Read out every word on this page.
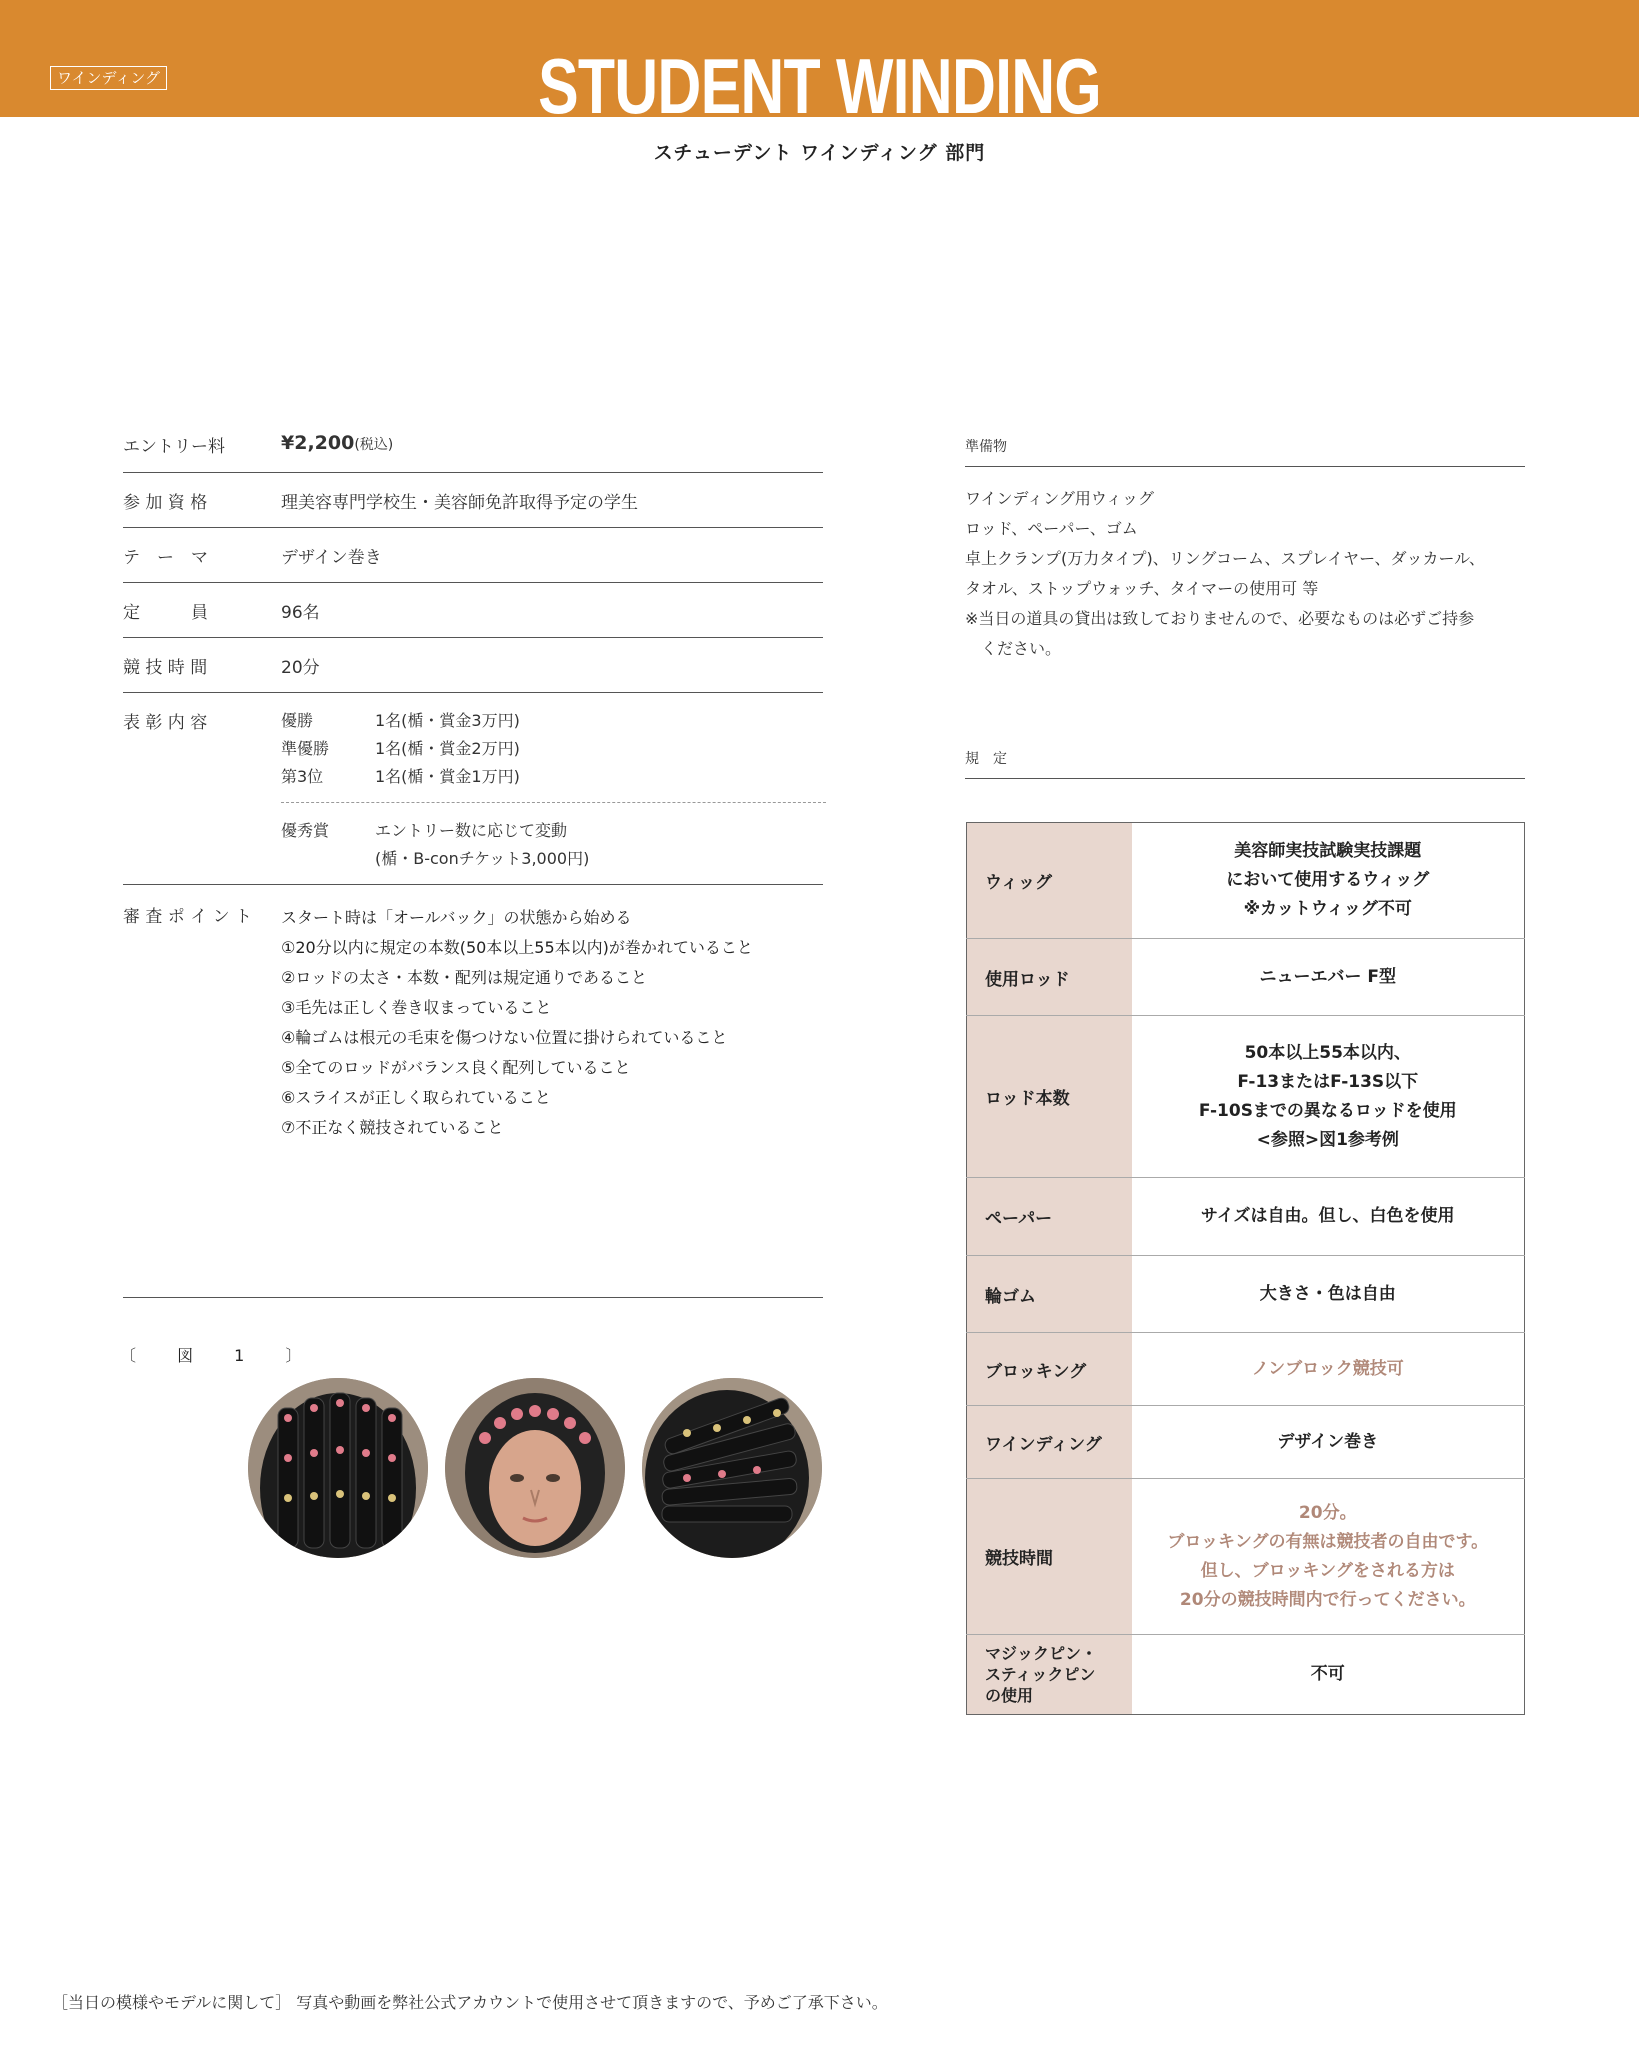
ワインディング	STUDENT WINDING
スチューデント ワインディング 部門
エントリー料	¥2,200(税込)
参 加 資 格	理美容専門学校生・美容師免許取得予定の学生
テ　ー　マ	デザイン巻き
定　　　員	96名
競 技 時 間	20分
表 彰 内 容	優勝	1名(楯・賞金3万円)
準優勝	1名(楯・賞金2万円)
第3位	1名(楯・賞金1万円)
優秀賞	エントリー数に応じて変動
(楯・B-conチケット3,000円)
審 査 ポ イ ン ト	スタート時は「オールバック」の状態から始める
①20分以内に規定の本数(50本以上55本以内)が巻かれていること
②ロッドの太さ・本数・配列は規定通りであること
③毛先は正しく巻き収まっていること
④輪ゴムは根元の毛束を傷つけない位置に掛けられていること
⑤全てのロッドがバランス良く配列していること
⑥スライスが正しく取られていること
⑦不正なく競技されていること
〔 図 1 〕
準備物
ワインディング用ウィッグ
ロッド、ペーパー、ゴム
卓上クランプ(万力タイプ)、リングコーム、スプレイヤー、ダッカール、
タオル、ストップウォッチ、タイマーの使用可 等
※当日の道具の貸出は致しておりませんので、必要なものは必ずご持参
　ください。
規　定
ウィッグ	美容師実技試験実技課題
において使用するウィッグ
※カットウィッグ不可

使用ロッド	ニューエバー F型

ロッド本数	50本以上55本以内、
F-13またはF-13S以下
F-10Sまでの異なるロッドを使用
<参照>図1参考例

ペーパー	サイズは自由。但し、白色を使用

輪ゴム	大きさ・色は自由

ブロッキング	ノンブロック競技可

ワインディング	デザイン巻き

競技時間	20分。
ブロッキングの有無は競技者の自由です。
但し、ブロッキングをされる方は
20分の競技時間内で行ってください。

マジックピン・
スティックピン
の使用	不可
［当日の模様やモデルに関して］ 写真や動画を弊社公式アカウントで使用させて頂きますので、予めご了承下さい。
